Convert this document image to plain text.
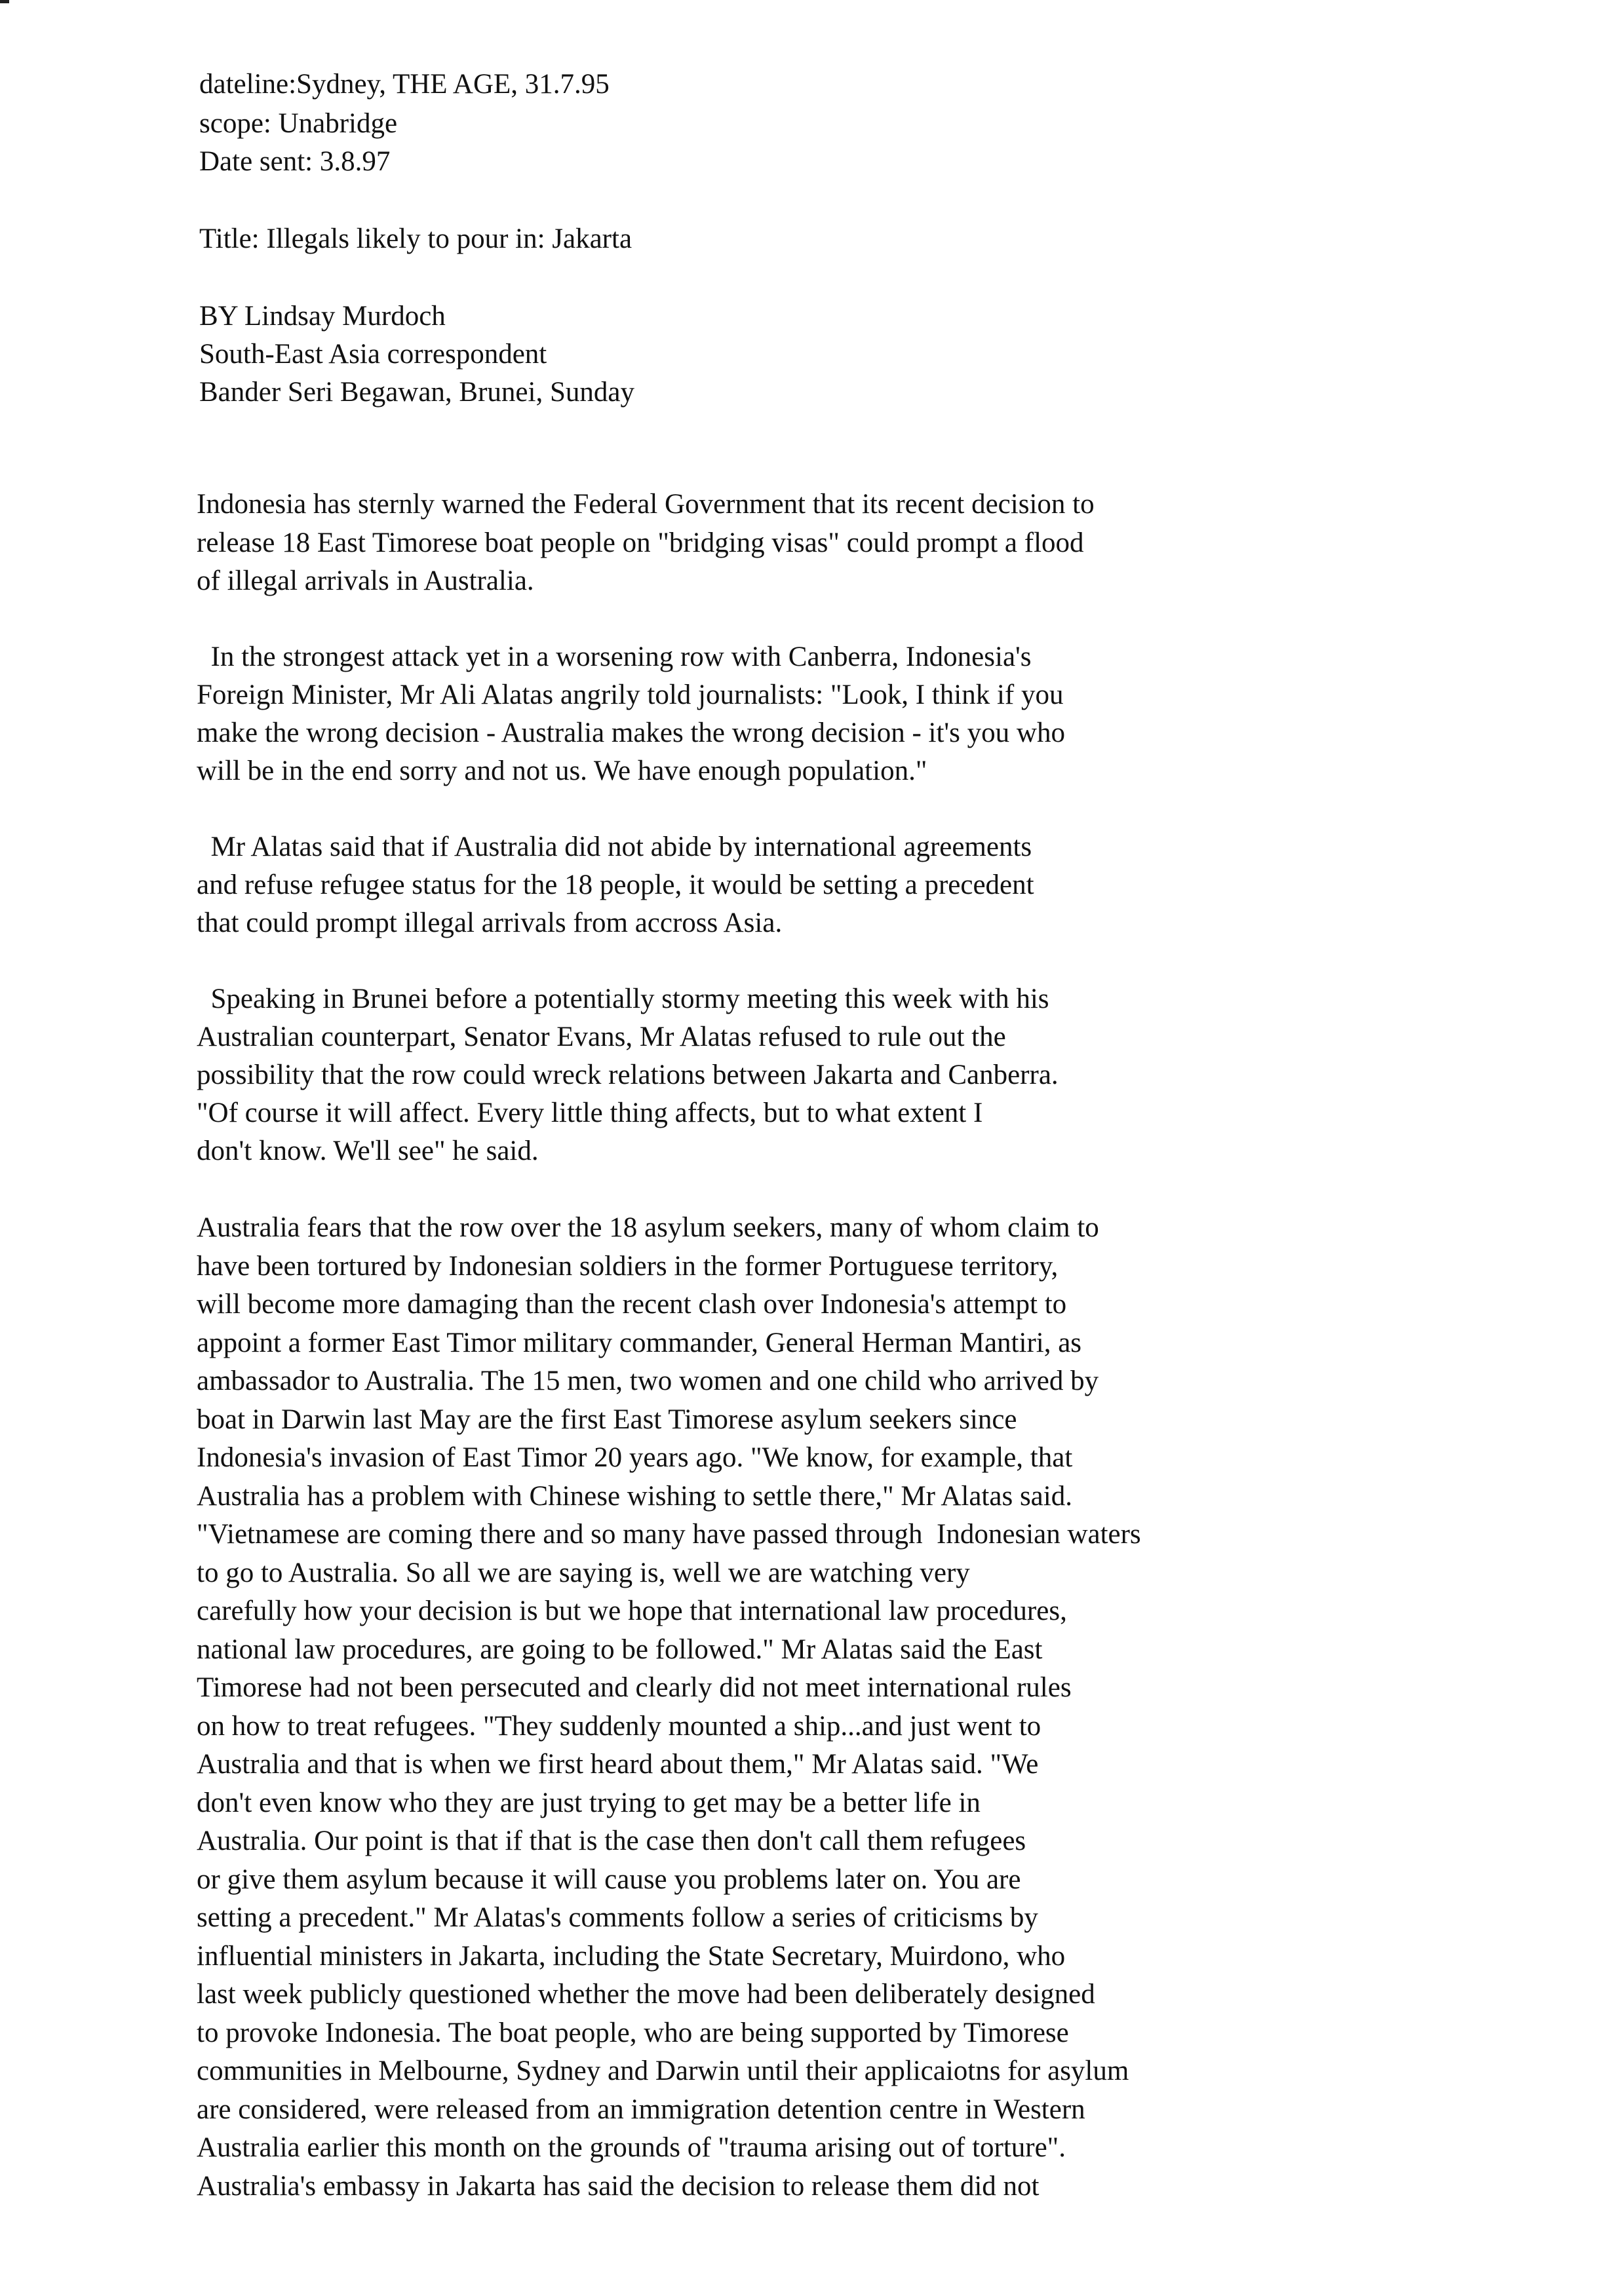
dateline:Sydney, THE AGE, 31.7.95
scope: Unabridge
Date sent: 3.8.97
Title: Illegals likely to pour in: Jakarta
BY Lindsay Murdoch
South-East Asia correspondent
Bander Seri Begawan, Brunei, Sunday
Indonesia has sternly warned the Federal Government that its recent decision to
release 18 East Timorese boat people on "bridging visas" could prompt a flood
of illegal arrivals in Australia.
In the strongest attack yet in a worsening row with Canberra, Indonesia's
Foreign Minister, Mr Ali Alatas angrily told journalists: "Look, I think if you
make the wrong decision - Australia makes the wrong decision - it's you who
will be in the end sorry and not us. We have enough population."
Mr Alatas said that if Australia did not abide by international agreements
and refuse refugee status for the 18 people, it would be setting a precedent
that could prompt illegal arrivals from accross Asia.
Speaking in Brunei before a potentially stormy meeting this week with his
Australian counterpart, Senator Evans, Mr Alatas refused to rule out the
possibility that the row could wreck relations between Jakarta and Canberra.
"Of course it will affect. Every little thing affects, but to what extent I
don't know. We'll see" he said.
Australia fears that the row over the 18 asylum seekers, many of whom claim to
have been tortured by Indonesian soldiers in the former Portuguese territory,
will become more damaging than the recent clash over Indonesia's attempt to
appoint a former East Timor military commander, General Herman Mantiri, as
ambassador to Australia. The 15 men, two women and one child who arrived by
boat in Darwin last May are the first East Timorese asylum seekers since
Indonesia's invasion of East Timor 20 years ago. "We know, for example, that
Australia has a problem with Chinese wishing to settle there," Mr Alatas said.
"Vietnamese are coming there and so many have passed through  Indonesian waters
to go to Australia. So all we are saying is, well we are watching very
carefully how your decision is but we hope that international law procedures,
national law procedures, are going to be followed." Mr Alatas said the East
Timorese had not been persecuted and clearly did not meet international rules
on how to treat refugees. "They suddenly mounted a ship...and just went to
Australia and that is when we first heard about them," Mr Alatas said. "We
don't even know who they are just trying to get may be a better life in
Australia. Our point is that if that is the case then don't call them refugees
or give them asylum because it will cause you problems later on. You are
setting a precedent." Mr Alatas's comments follow a series of criticisms by
influential ministers in Jakarta, including the State Secretary, Muirdono, who
last week publicly questioned whether the move had been deliberately designed
to provoke Indonesia. The boat people, who are being supported by Timorese
communities in Melbourne, Sydney and Darwin until their applicaiotns for asylum
are considered, were released from an immigration detention centre in Western
Australia earlier this month on the grounds of "trauma arising out of torture".
Australia's embassy in Jakarta has said the decision to release them did not
